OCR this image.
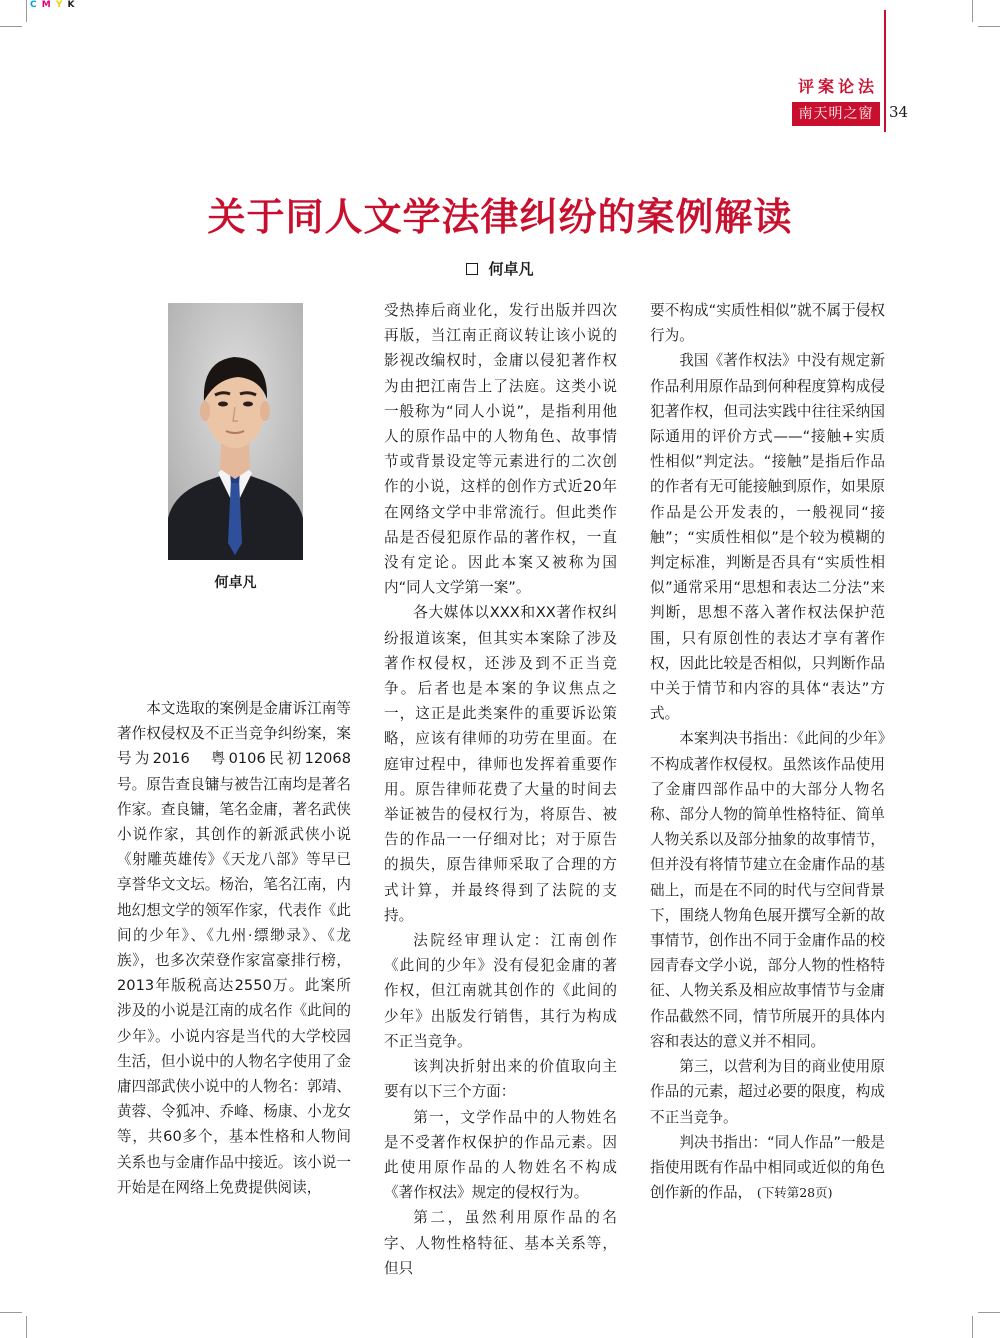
C M Y K
评案论法
南天明之窗	34
关于同人文学法律纠纷的案例解读
何卓凡
何卓凡

本文选取的案例是金庸诉江南等著作权侵权及不正当竞争纠纷案，案号为2016　粤0106民初12068号。原告查良镛与被告江南均是著名作家。查良镛，笔名金庸，著名武侠小说作家，其创作的新派武侠小说《射雕英雄传》《天龙八部》等早已享誉华文文坛。杨治，笔名江南，内地幻想文学的领军作家，代表作《此间的少年》、《九州·缥缈录》、《龙族》，也多次荣登作家富豪排行榜，2013年版税高达2550万。此案所涉及的小说是江南的成名作《此间的少年》。小说内容是当代的大学校园生活，但小说中的人物名字使用了金庸四部武侠小说中的人物名：郭靖、黄蓉、令狐冲、乔峰、杨康、小龙女等，共60多个，基本性格和人物间关系也与金庸作品中接近。该小说一开始是在网络上免费提供阅读，

受热捧后商业化，发行出版并四次再版，当江南正商议转让该小说的影视改编权时，金庸以侵犯著作权为由把江南告上了法庭。这类小说一般称为“同人小说”，是指利用他人的原作品中的人物角色、故事情节或背景设定等元素进行的二次创作的小说，这样的创作方式近20年在网络文学中非常流行。但此类作品是否侵犯原作品的著作权，一直没有定论。因此本案又被称为国内“同人文学第一案”。

各大媒体以XXX和XX著作权纠纷报道该案，但其实本案除了涉及著作权侵权，还涉及到不正当竞争。后者也是本案的争议焦点之一，这正是此类案件的重要诉讼策略，应该有律师的功劳在里面。在庭审过程中，律师也发挥着重要作用。原告律师花费了大量的时间去举证被告的侵权行为，将原告、被告的作品一一仔细对比；对于原告的损失，原告律师采取了合理的方式计算，并最终得到了法院的支持。

法院经审理认定：江南创作《此间的少年》没有侵犯金庸的著作权，但江南就其创作的《此间的少年》出版发行销售，其行为构成不正当竞争。

该判决折射出来的价值取向主要有以下三个方面：

第一，文学作品中的人物姓名是不受著作权保护的作品元素。因此使用原作品的人物姓名不构成《著作权法》规定的侵权行为。

第二，虽然利用原作品的名字、人物性格特征、基本关系等，但只

要不构成“实质性相似”就不属于侵权行为。

我国《著作权法》中没有规定新作品利用原作品到何种程度算构成侵犯著作权，但司法实践中往往采纳国际通用的评价方式——“接触+实质性相似”判定法。“接触”是指后作品的作者有无可能接触到原作，如果原作品是公开发表的，一般视同“接触”；“实质性相似”是个较为模糊的判定标准，判断是否具有“实质性相似”通常采用“思想和表达二分法”来判断，思想不落入著作权法保护范围，只有原创性的表达才享有著作权，因此比较是否相似，只判断作品中关于情节和内容的具体“表达”方式。

本案判决书指出：《此间的少年》不构成著作权侵权。虽然该作品使用了金庸四部作品中的大部分人物名称、部分人物的简单性格特征、简单人物关系以及部分抽象的故事情节，但并没有将情节建立在金庸作品的基础上，而是在不同的时代与空间背景下，围绕人物角色展开撰写全新的故事情节，创作出不同于金庸作品的校园青春文学小说，部分人物的性格特征、人物关系及相应故事情节与金庸作品截然不同，情节所展开的具体内容和表达的意义并不相同。

第三，以营利为目的商业使用原作品的元素，超过必要的限度，构成不正当竞争。

判决书指出：“同人作品”一般是指使用既有作品中相同或近似的角色创作新的作品， (下转第28页)
